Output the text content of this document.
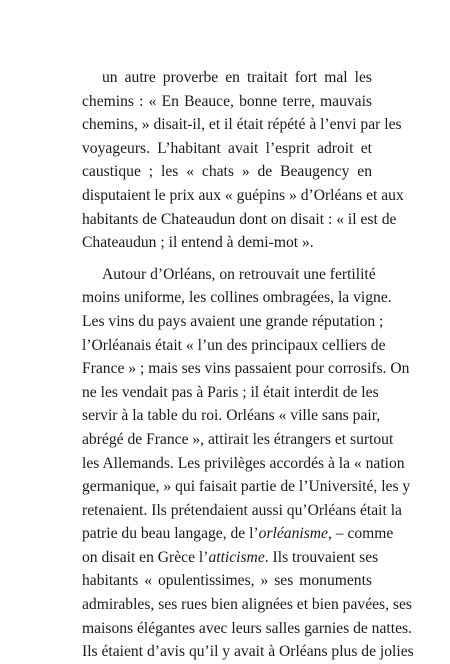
un autre proverbe en traitait fort mal les
chemins : « En Beauce, bonne terre, mauvais
chemins, » disait-il, et il était répété à l’envi par les
voyageurs. L’habitant avait l’esprit adroit et
caustique ; les « chats » de Beaugency en
disputaient le prix aux « guépins » d’Orléans et aux
habitants de Chateaudun dont on disait : « il est de
Chateaudun ; il entend à demi-mot ».
Autour d’Orléans, on retrouvait une fertilité
moins uniforme, les collines ombragées, la vigne.
Les vins du pays avaient une grande réputation ;
l’Orléanais était « l’un des principaux celliers de
France » ; mais ses vins passaient pour corrosifs. On
ne les vendait pas à Paris ; il était interdit de les
servir à la table du roi. Orléans « ville sans pair,
abrégé de France », attirait les étrangers et surtout
les Allemands. Les privilèges accordés à la « nation
germanique, » qui faisait partie de l’Université, les y
retenaient. Ils prétendaient aussi qu’Orléans était la
patrie du beau langage, de l’orléanisme, – comme
on disait en Grèce l’atticisme. Ils trouvaient ses
habitants « opulentissimes, » ses monuments
admirables, ses rues bien alignées et bien pavées, ses
maisons élégantes avec leurs salles garnies de nattes.
Ils étaient d’avis qu’il y avait à Orléans plus de jolies
